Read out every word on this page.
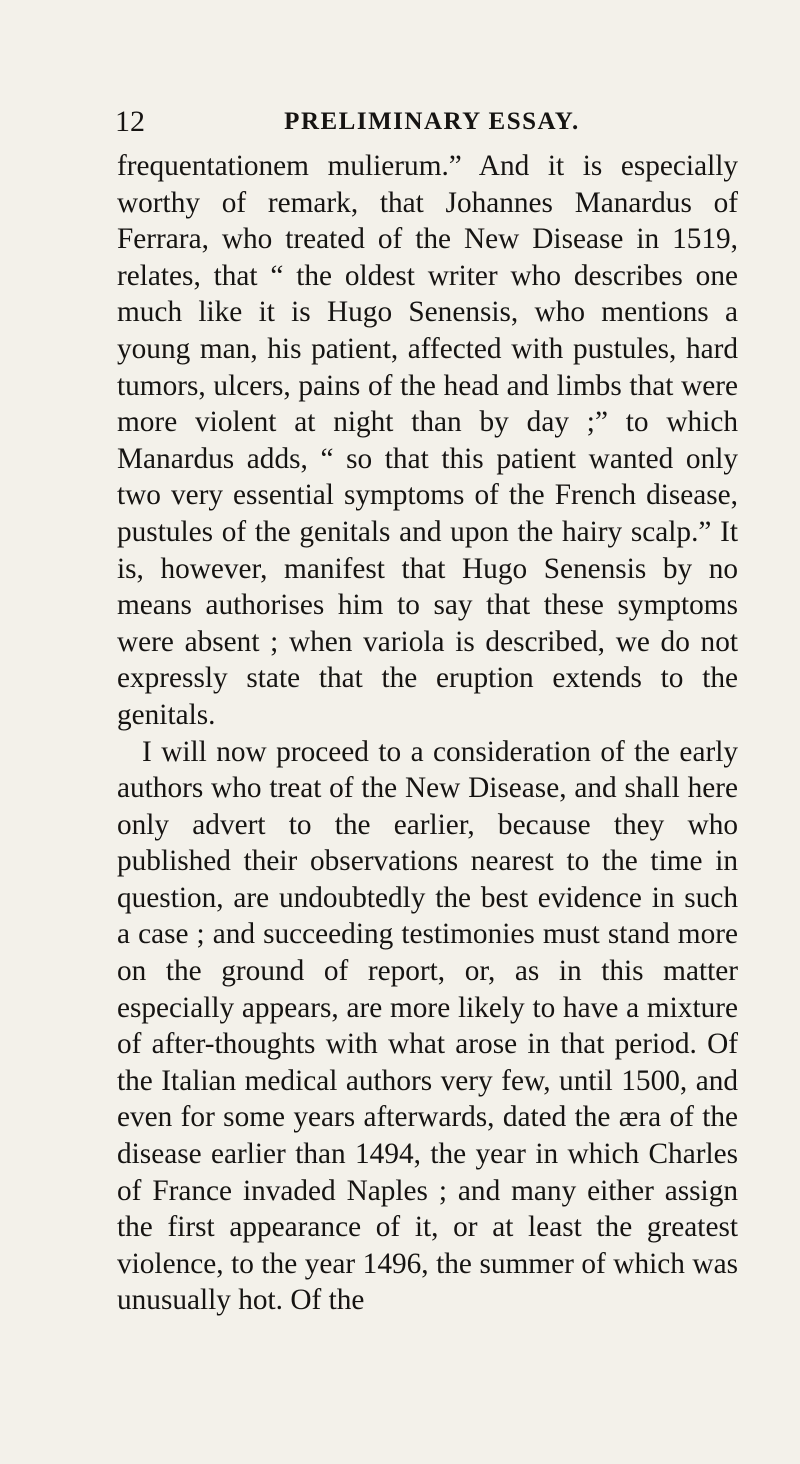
12	PRELIMINARY ESSAY.

frequentationem mulierum.” And it is especially worthy of remark, that Johannes Manardus of Ferrara, who treated of the New Disease in 1519, relates, that “ the oldest writer who describes one much like it is Hugo Senensis, who mentions a young man, his patient, affected with pustules, hard tumors, ulcers, pains of the head and limbs that were more violent at night than by day ;” to which Manardus adds, “ so that this patient wanted only two very essential symptoms of the French disease, pustules of the genitals and upon the hairy scalp.” It is, however, manifest that Hugo Senensis by no means authorises him to say that these symptoms were absent ; when variola is described, we do not expressly state that the eruption extends to the genitals.

I will now proceed to a consideration of the early authors who treat of the New Disease, and shall here only advert to the earlier, because they who published their observations nearest to the time in question, are undoubtedly the best evidence in such a case ; and succeeding testimonies must stand more on the ground of report, or, as in this matter especially appears, are more likely to have a mixture of after-thoughts with what arose in that period. Of the Italian medical authors very few, until 1500, and even for some years afterwards, dated the æra of the disease earlier than 1494, the year in which Charles of France invaded Naples ; and many either assign the first appearance of it, or at least the greatest violence, to the year 1496, the summer of which was unusually hot. Of the
